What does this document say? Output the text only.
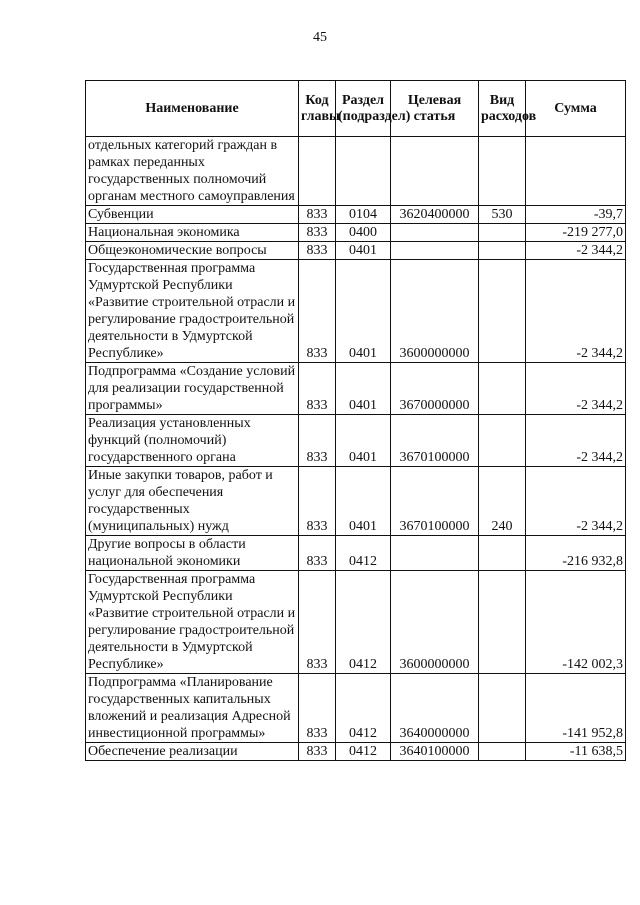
45
Наименование	Код главы	Раздел (подраздел)	Целевая статья	Вид расходов	Сумма
отдельных категорий граждан в рамках переданных государственных полномочий органам местного самоуправления					
Субвенции	833	0104	3620400000	530	-39,7
Национальная экономика	833	0400			-219 277,0
Общеэкономические вопросы	833	0401			-2 344,2
Государственная программа Удмуртской Республики «Развитие строительной отрасли и регулирование градостроительной деятельности в Удмуртской Республике»	833	0401	3600000000		-2 344,2
Подпрограмма «Создание условий для реализации государственной программы»	833	0401	3670000000		-2 344,2
Реализация установленных функций (полномочий) государственного органа	833	0401	3670100000		-2 344,2
Иные закупки товаров, работ и услуг для обеспечения государственных (муниципальных) нужд	833	0401	3670100000	240	-2 344,2
Другие вопросы в области национальной экономики	833	0412			-216 932,8
Государственная программа Удмуртской Республики «Развитие строительной отрасли и регулирование градостроительной деятельности в Удмуртской Республике»	833	0412	3600000000		-142 002,3
Подпрограмма «Планирование государственных капитальных вложений и реализация Адресной инвестиционной программы»	833	0412	3640000000		-141 952,8
Обеспечение реализации	833	0412	3640100000		-11 638,5
